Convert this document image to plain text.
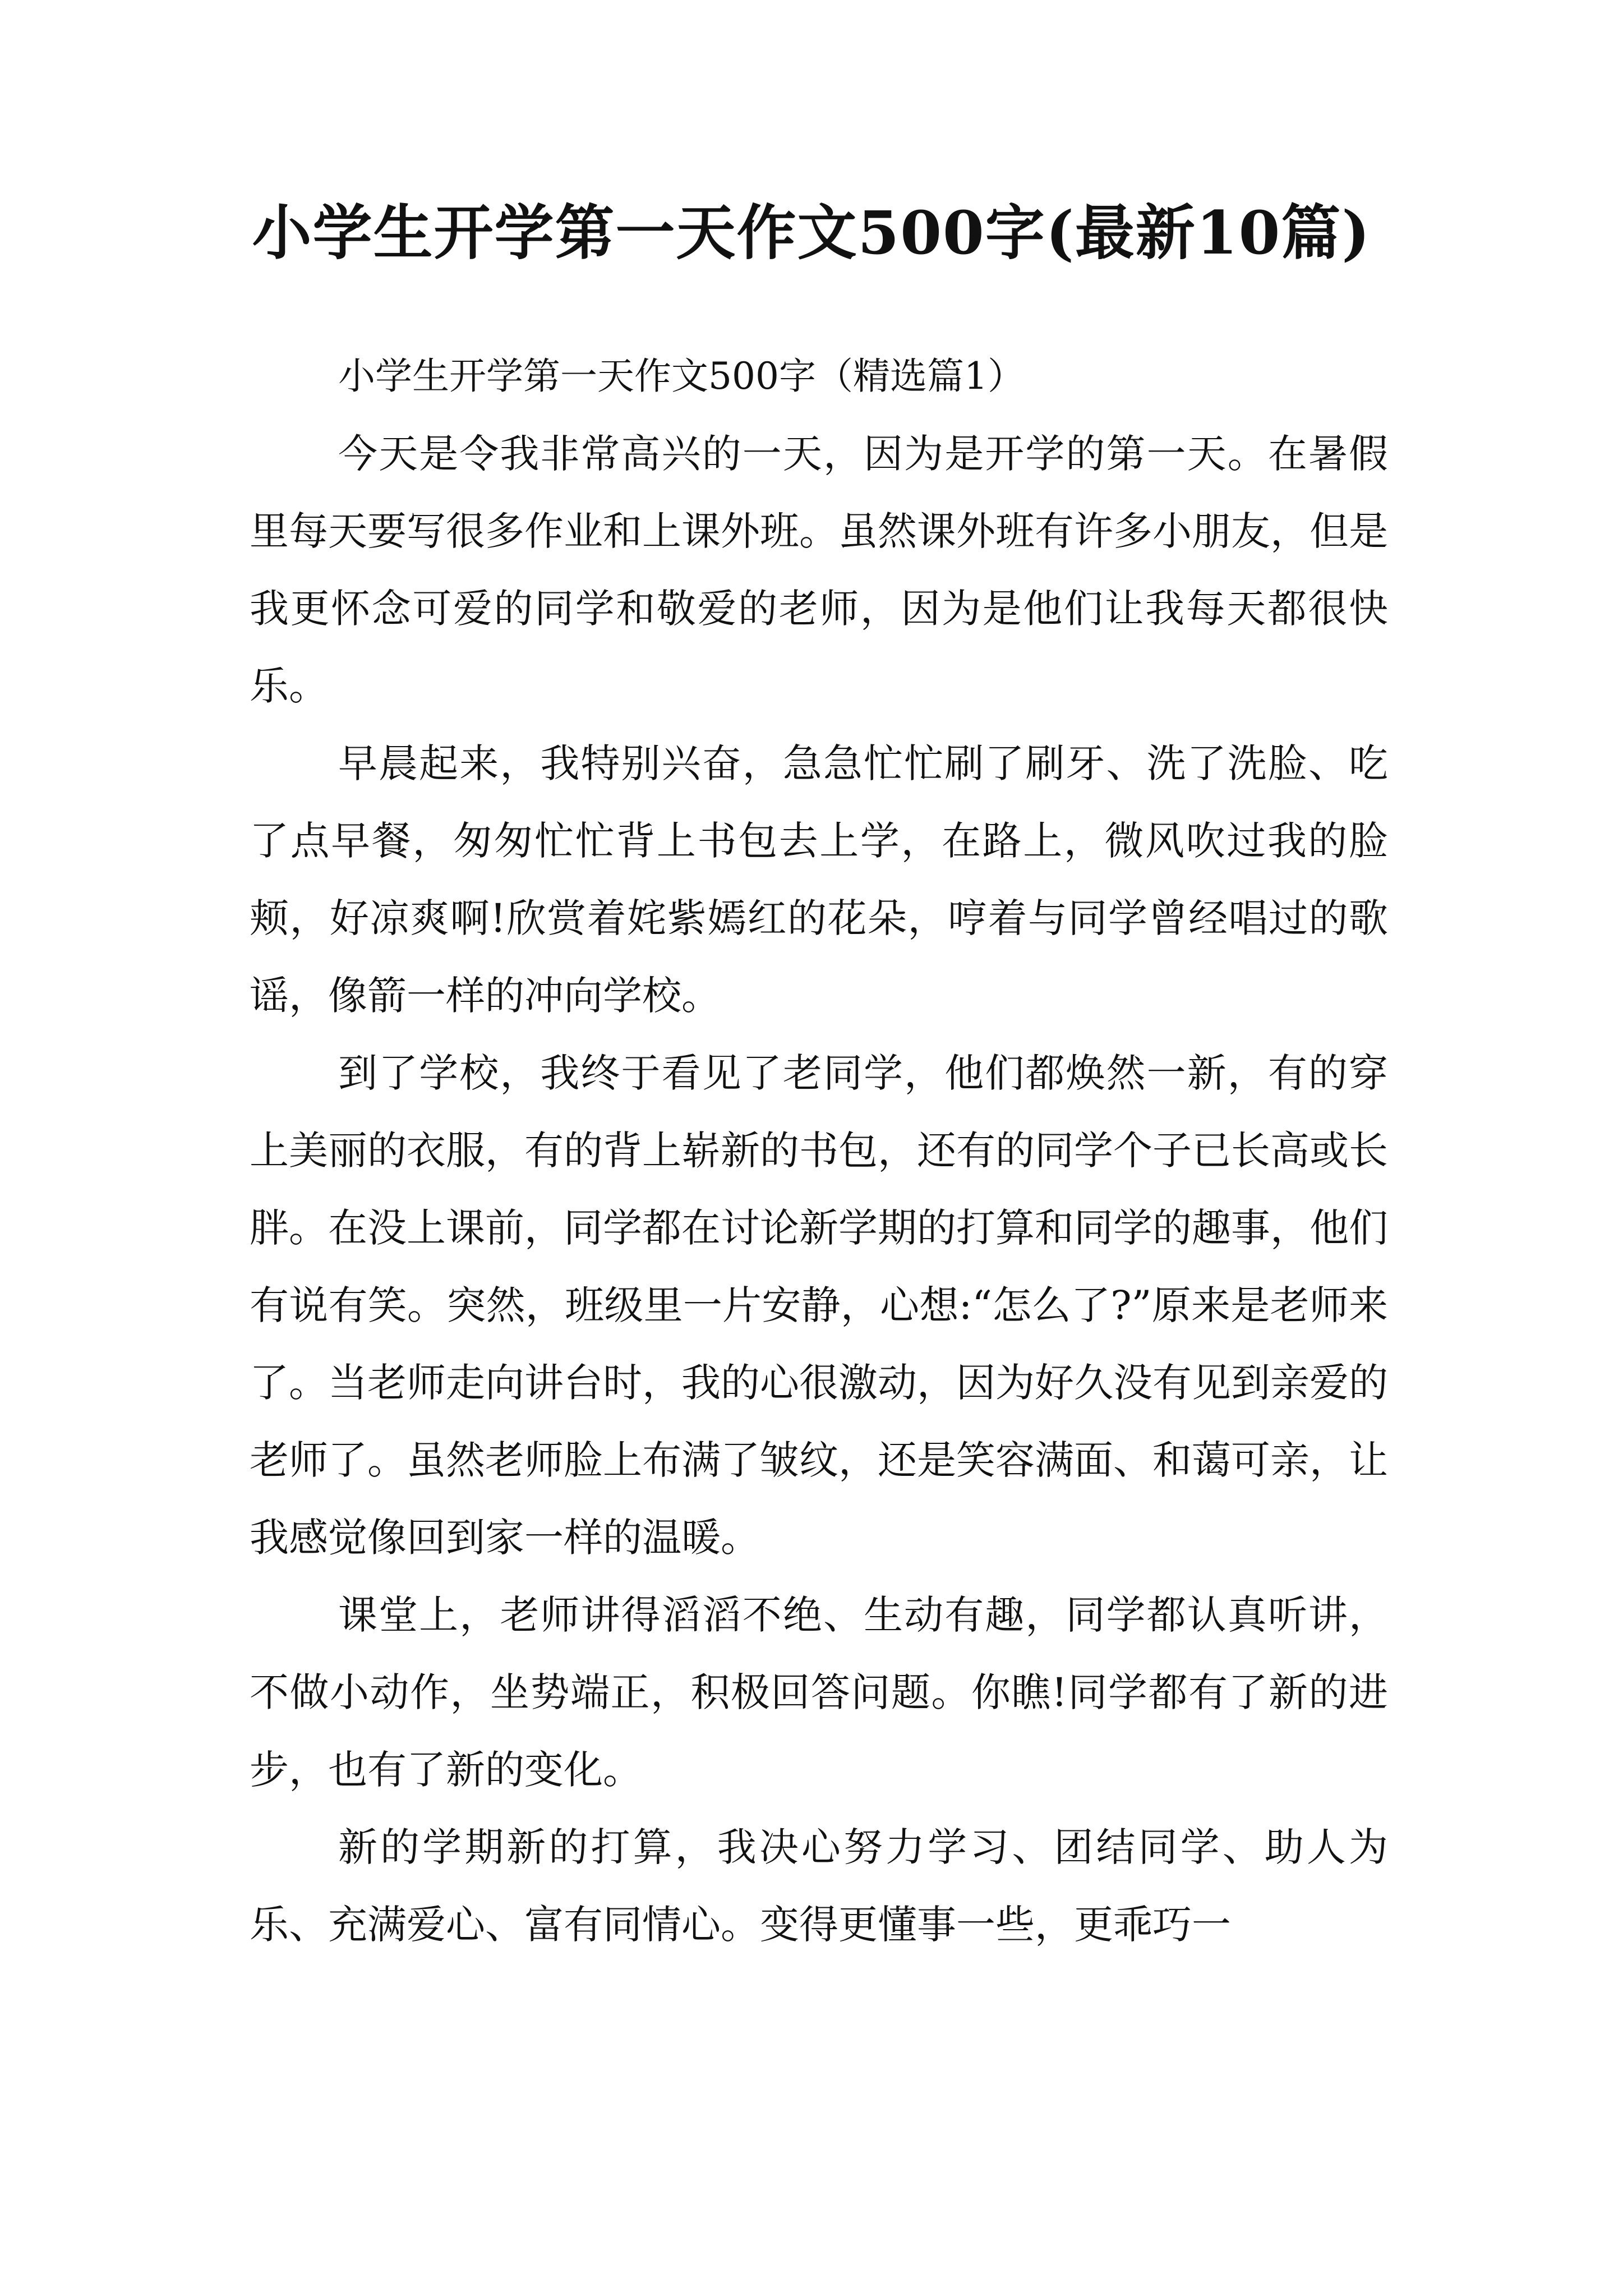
小学生开学第一天作文500字(最新10篇)

小学生开学第一天作文500字（精选篇1）

今天是令我非常高兴的一天，因为是开学的第一天。在暑假里每天要写很多作业和上课外班。虽然课外班有许多小朋友，但是我更怀念可爱的同学和敬爱的老师，因为是他们让我每天都很快乐。

早晨起来，我特别兴奋，急急忙忙刷了刷牙、洗了洗脸、吃了点早餐，匆匆忙忙背上书包去上学，在路上，微风吹过我的脸颊，好凉爽啊!欣赏着姹紫嫣红的花朵，哼着与同学曾经唱过的歌谣，像箭一样的冲向学校。

到了学校，我终于看见了老同学，他们都焕然一新，有的穿上美丽的衣服，有的背上崭新的书包，还有的同学个子已长高或长胖。在没上课前，同学都在讨论新学期的打算和同学的趣事，他们有说有笑。突然，班级里一片安静，心想:“怎么了?”原来是老师来了。当老师走向讲台时，我的心很激动，因为好久没有见到亲爱的老师了。虽然老师脸上布满了皱纹，还是笑容满面、和蔼可亲，让我感觉像回到家一样的温暖。

课堂上，老师讲得滔滔不绝、生动有趣，同学都认真听讲，不做小动作，坐势端正，积极回答问题。你瞧!同学都有了新的进步，也有了新的变化。

新的学期新的打算，我决心努力学习、团结同学、助人为乐、充满爱心、富有同情心。变得更懂事一些，更乖巧一
